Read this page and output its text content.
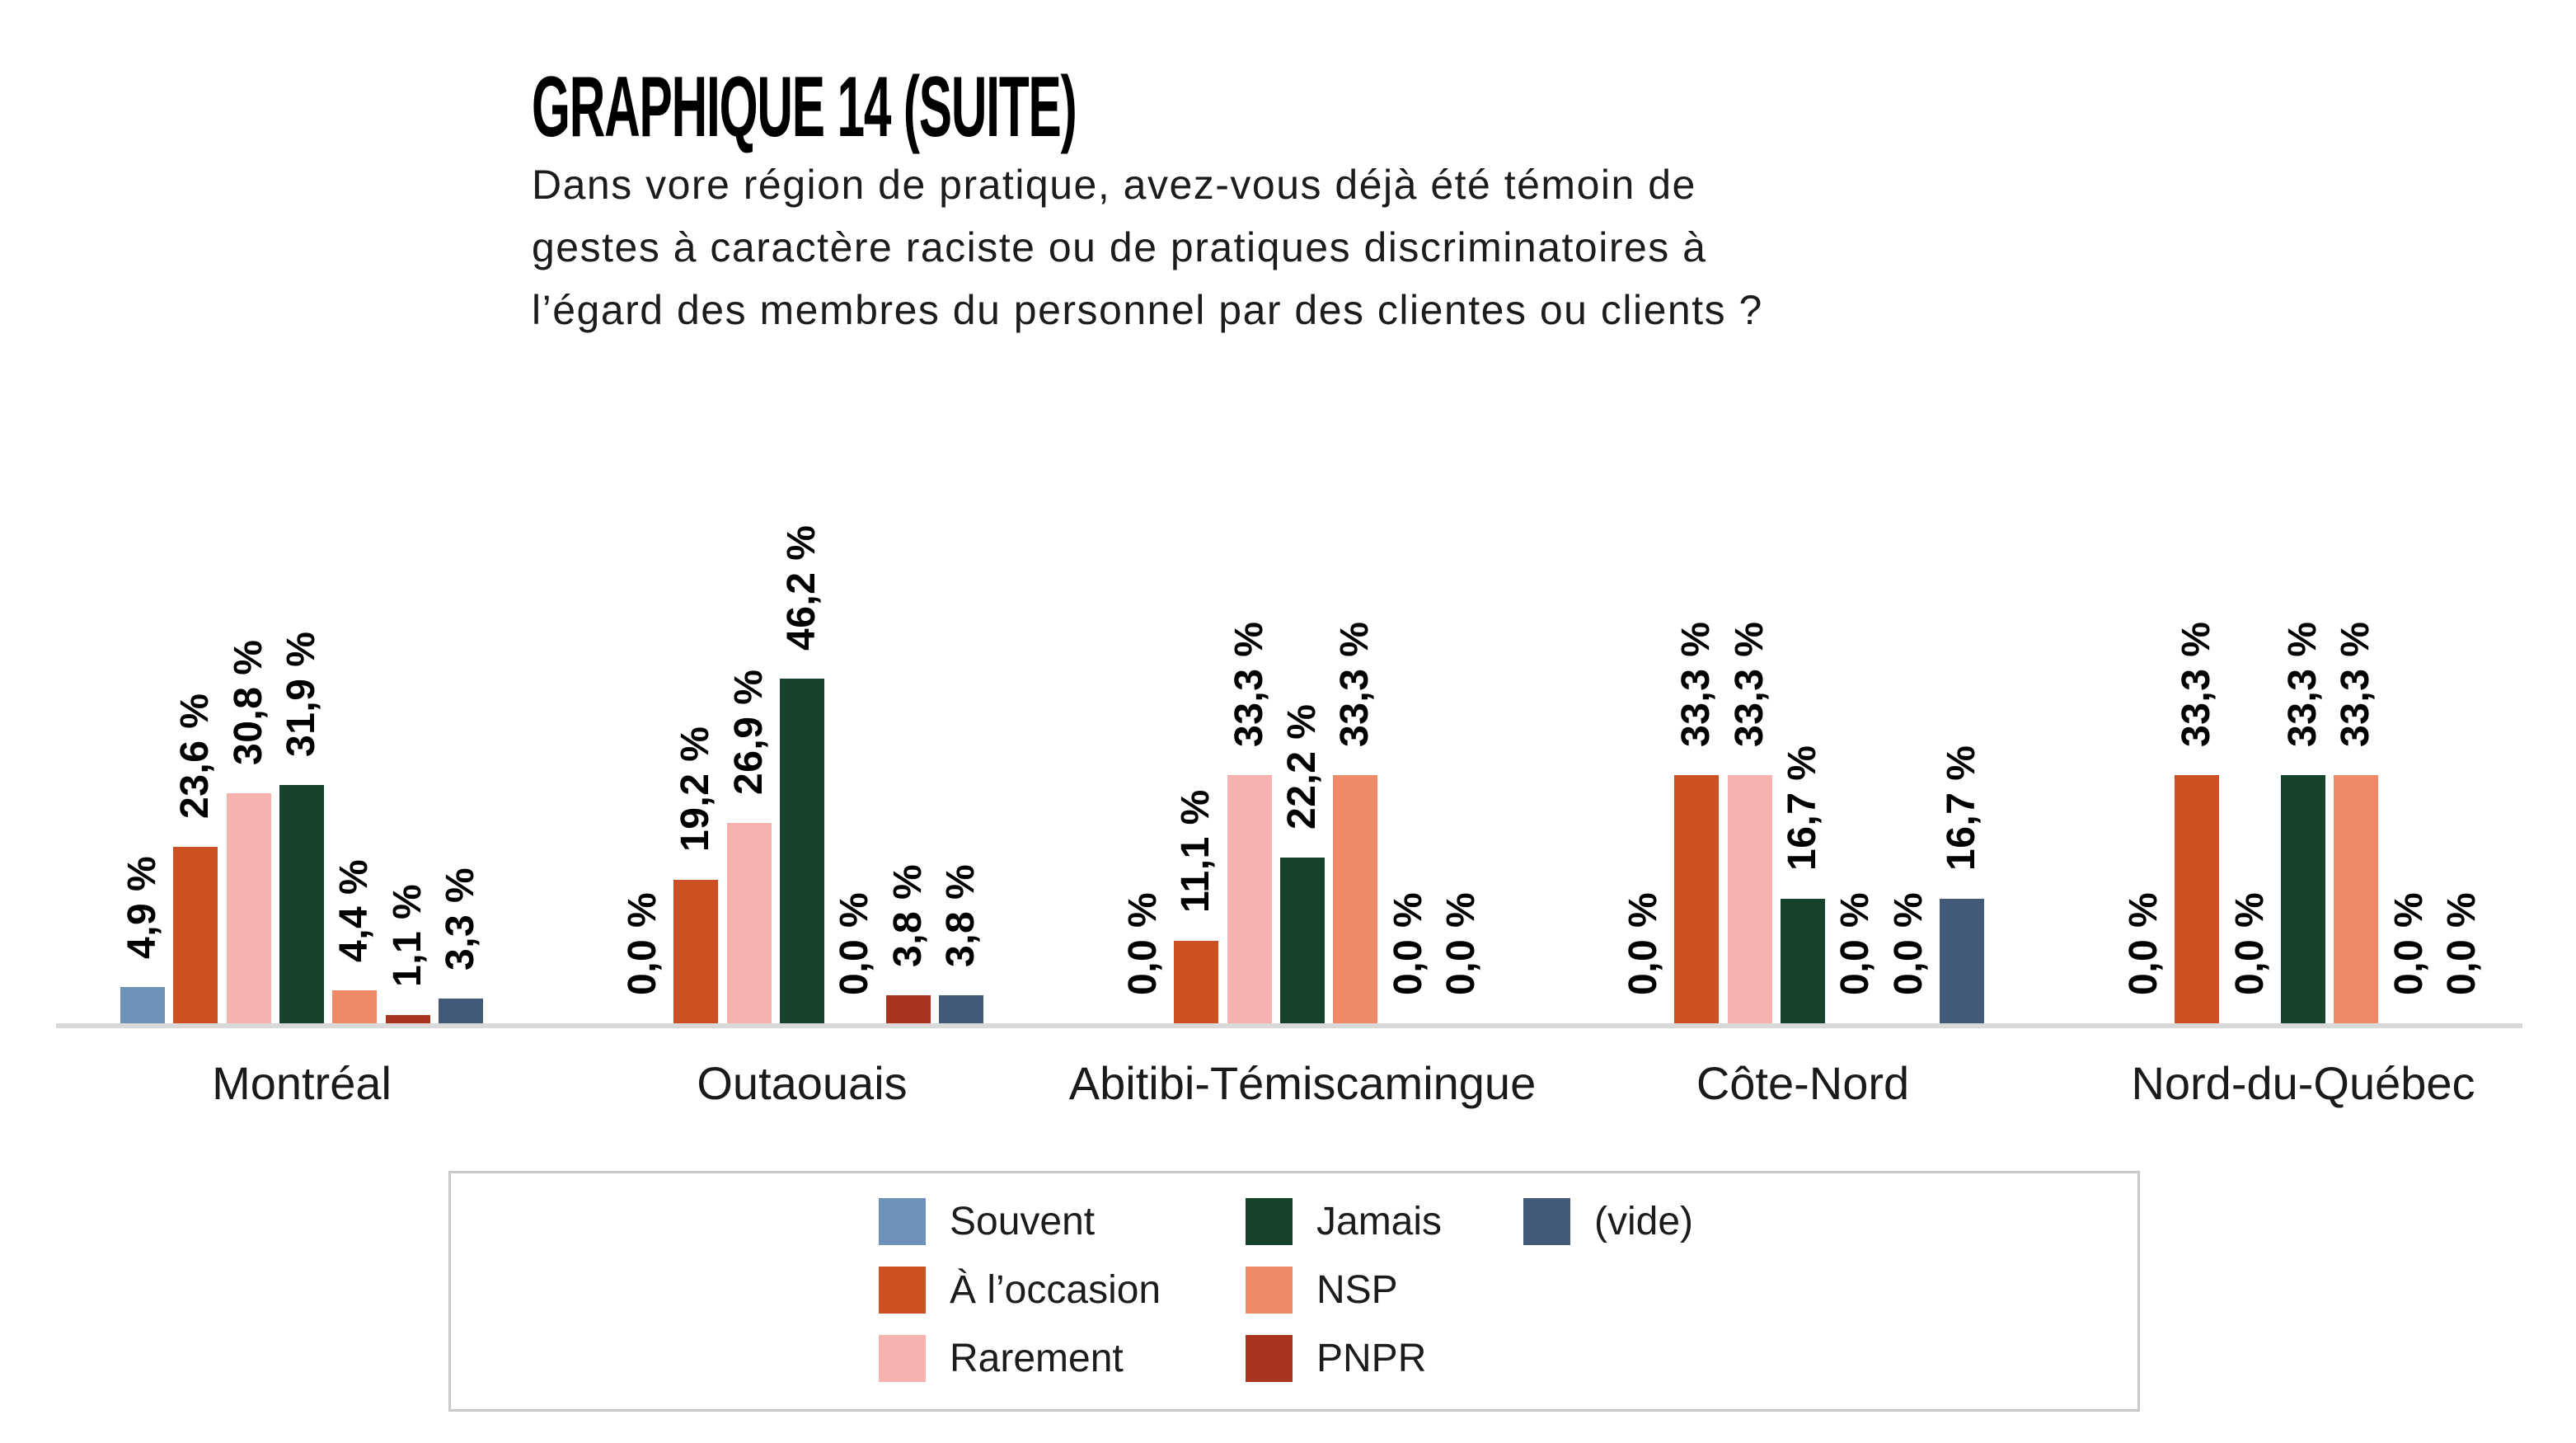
GRAPHIQUE 14 (SUITE)

Dans vore région de pratique, avez-vous déjà été témoin de

gestes à caractère raciste ou de pratiques discriminatoires à

l’égard des membres du personnel par des clientes ou clients ?

4,9 %
23,6 % 30,8 % 31,9 %
4,4 % 1,1 % 3,3 %
Montréal
0,0 %
19,2 % 26,9 %
46,2 %
0,0 % 3,8 % 3,8 %
Outaouais
0,0 %
11,1 %
33,3 %
22,2 %
33,3 %
0,0 % 0,0 %
Abitibi-Témiscamingue
0,0 %
33,3 % 33,3 %
16,7 %
0,0 % 0,0 %
16,7 %
Côte-Nord
0,0 %
33,3 %
0,0 %
33,3 % 33,3 %
0,0 % 0,0 %
Nord-du-Québec
Souvent
À l’occasion
Rarement
Jamais
NSP
PNPR
(vide)
